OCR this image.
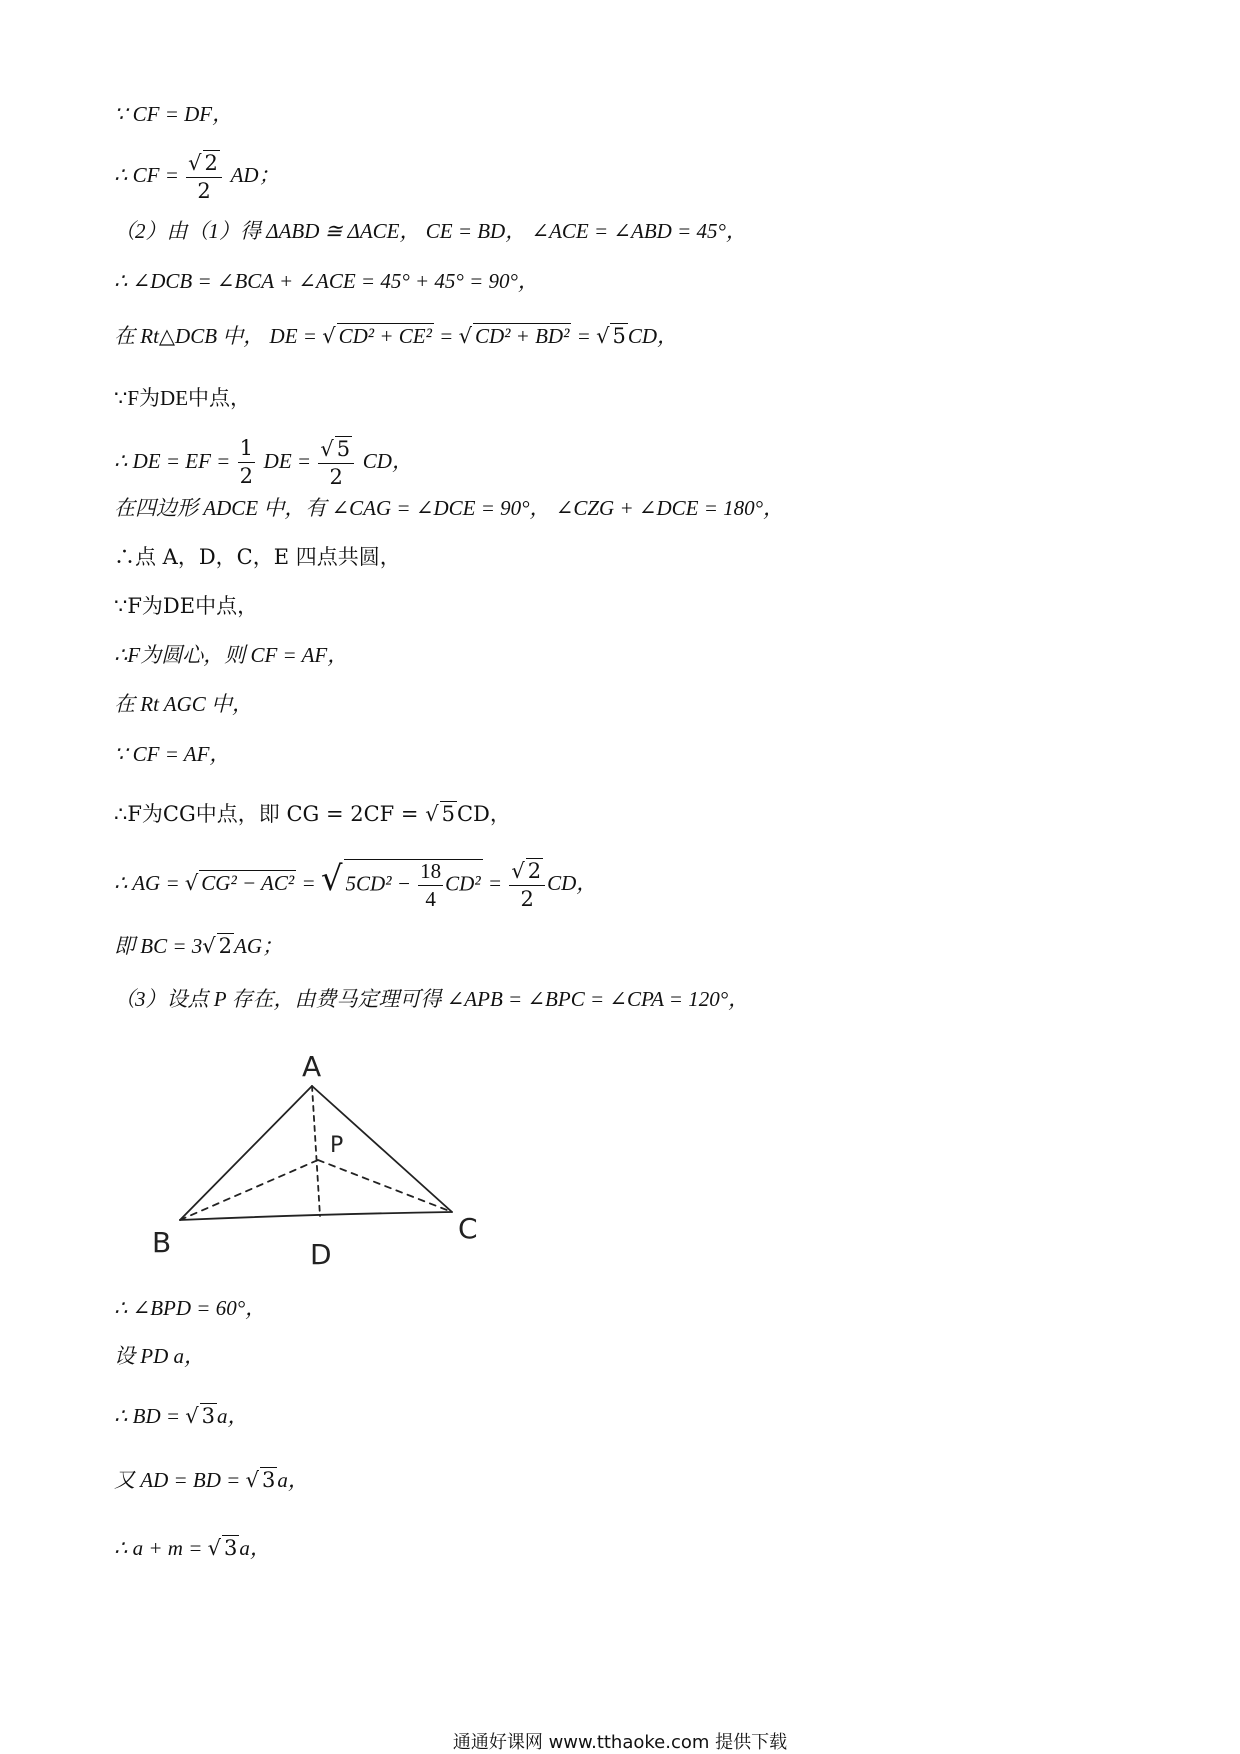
∵ CF = DF，
∴ CF = $\frac{√ 2}{2}$ AD；
（2）由（1）得 ΔABD ≅ ΔACE， CE = BD， ∠ACE = ∠ABD = 45°，
∴ ∠DCB = ∠BCA + ∠ACE = 45° + 45° = 90°，
在 Rt△DCB 中， DE = √ CD² + CE² = √ CD² + BD² = √ 5CD，
∵F为DE中点，
∴ DE = EF = $\frac{1}{2}$ DE = $\frac{√ 5}{2}$ CD，
在四边形 ADCE 中，有 ∠CAG = ∠DCE = 90°， ∠CZG + ∠DCE = 180°，
∴点 A，D，C，E 四点共圆，
∵F为DE中点，
∴F为圆心，则 CF = AF，
在 Rt AGC 中，
∵ CF = AF，
∴F为CG中点，即 CG = 2CF = √ 5CD，
∴ AG = √ CG² − AC² = √ $5CD^2 - \frac{18}{4} CD^2 = \frac{√ 2}{2}$ CD，
即 BC = 3√ 2AG；
（3）设点 P 存在，由费马定理可得 ∠APB = ∠BPC = ∠CPA = 120°，
A
P
B	D
C
∴ ∠BPD = 60°，
设 PD a，
∴ BD = √ 3a，
又 AD = BD = √ 3a，
∴ a + m = √ 3a，
通通好课网 www.tthaoke.com 提供下载
